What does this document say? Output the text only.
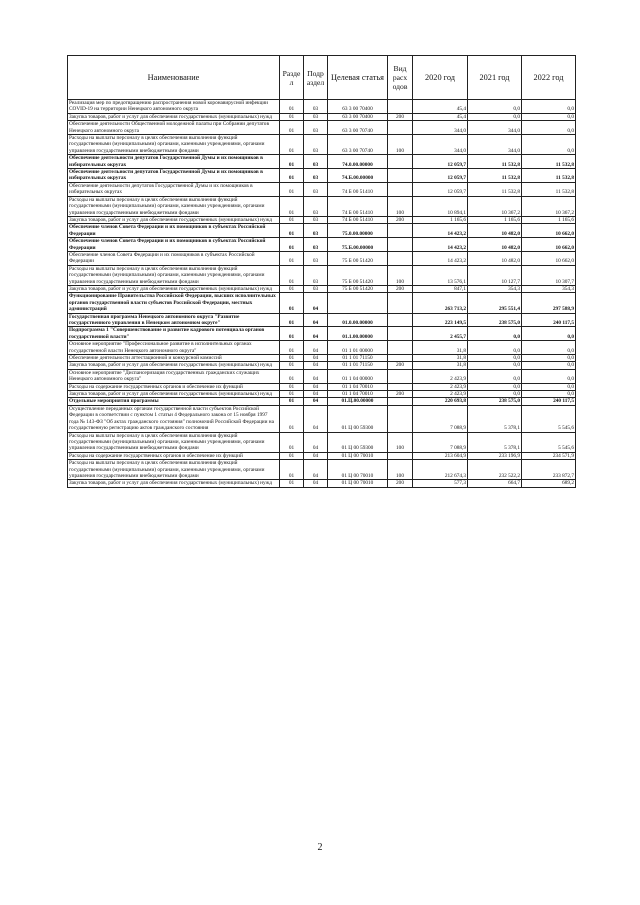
Наименование	Разде л	Подр аздел	Целевая статья	Вид расх одов	2020 год	2021 год	2022 год
Реализация мер по предотвращению распространения новой коронавирусной инфекции COVID-19 на территории Ненецкого автономного округа	01	03	63 3 00 70400		45,4	0,0	0,0
Закупка товаров, работ и услуг для обеспечения государственных (муниципальных) нужд	01	03	63 3 00 70400	200	45,4	0,0	0,0
Обеспечение деятельности Общественной молодежной палаты при Собрании депутатов Ненецкого автономного округа	01	03	63 3 00 70740		344,0	344,0	0,0
Расходы на выплаты персоналу в целях обеспечения выполнения функций государственными (муниципальными) органами, казенными учреждениями, органами управления государственными внебюджетными фондами	01	03	63 3 00 70740	100	344,0	344,0	0,0
Обеспечение деятельности депутатов Государственной Думы и их помощников в избирательных округах	01	03	74.0.00.00000		12 059,7	11 532,8	11 532,8
Обеспечение деятельности депутатов Государственной Думы и их помощников в избирательных округах	01	03	74.Б.00.00000		12 059,7	11 532,8	11 532,8
Обеспечение деятельности депутатов Государственной Думы и их помощников в избирательных округах	01	03	74 Б 00 51410		12 059,7	11 532,8	11 532,8
Расходы на выплаты персоналу в целях обеспечения выполнения функций государственными (муниципальными) органами, казенными учреждениями, органами управления государственными внебюджетными фондами	01	03	74 Б 00 51410	100	10 894,1	10 367,2	10 367,2
Закупка товаров, работ и услуг для обеспечения государственных (муниципальных) нужд	01	03	74 Б 00 51410	200	1 165,6	1 165,6	1 165,6
Обеспечение членов Совета Федерации и их помощников в субъектах Российской Федерации	01	03	75.0.00.00000		14 423,2	10 482,0	10 662,0
Обеспечение членов Совета Федерации и их помощников в субъектах Российской Федерации	01	03	75.Б.00.00000		14 423,2	10 482,0	10 662,0
Обеспечение членов Совета Федерации и их помощников в субъектах Российской Федерации	01	03	75 Б 00 51420		14 423,2	10 482,0	10 662,0
Расходы на выплаты персоналу в целях обеспечения выполнения функций государственными (муниципальными) органами, казенными учреждениями, органами управления государственными внебюджетными фондами	01	03	75 Б 00 51420	100	13 576,1	10 127,7	10 307,7
Закупка товаров, работ и услуг для обеспечения государственных (муниципальных) нужд	01	03	75 Б 00 51420	200	847,1	354,3	354,3
Функционирование Правительства Российской Федерации, высших исполнительных органов государственной власти субъектов Российской Федерации, местных администраций	01	04			263 713,2	295 551,4	297 588,9
Государственная программа Ненецкого автономного округа "Развитие государственного управления в Ненецком автономном округе"	01	04	01.0.00.00000		223 149,5	238 575,0	240 117,5
Подпрограмма 1 "Совершенствование и развитие кадрового потенциала органов государственной власти"	01	04	01.1.00.00000		2 455,7	0,0	0,0
Основное мероприятие "Профессиональное развитие в исполнительных органах государственной власти Ненецкого автономного округа"	01	04	01 1 01 00000		31,8	0,0	0,0
Обеспечение деятельности аттестационной и конкурсной комиссий	01	04	01 1 01 71150		31,8	0,0	0,0
Закупка товаров, работ и услуг для обеспечения государственных (муниципальных) нужд	01	04	01 1 01 71150	200	31,8	0,0	0,0
Основное мероприятие "Диспансеризация государственных гражданских служащих Ненецкого автономного округа"	01	04	01 1 04 00000		2 423,9	0,0	0,0
Расходы на содержание государственных органов и обеспечение их функций	01	04	01 1 04 70010		2 423,9	0,0	0,0
Закупка товаров, работ и услуг для обеспечения государственных (муниципальных) нужд	01	04	01 1 04 70010	200	2 423,9	0,0	0,0
Отдельные мероприятия программы	01	04	01.Ц.00.00000		220 693,8	238 575,0	240 117,5
Осуществление переданных органам государственной власти субъектов Российской Федерации в соответствии с пунктом 1 статьи 4 Федерального закона от 15 ноября 1997 года № 143-ФЗ "Об актах гражданского состояния" полномочий Российской Федерации на государственную регистрацию актов гражданского состояния	01	04	01 Ц 00 59300		7 088,9	5 378,1	5 545,6
Расходы на выплаты персоналу в целях обеспечения выполнения функций государственными (муниципальными) органами, казенными учреждениями, органами управления государственными внебюджетными фондами	01	04	01 Ц 00 59300	100	7 088,9	5 378,1	5 545,6
Расходы на содержание государственных органов и обеспечение их функций	01	04	01 Ц 00 70010		213 604,9	233 196,9	234 571,9
Расходы на выплаты персоналу в целях обеспечения выполнения функций государственными (муниципальными) органами, казенными учреждениями, органами управления государственными внебюджетными фондами	01	04	01 Ц 00 70010	100	212 674,3	232 522,2	233 872,7
Закупка товаров, работ и услуг для обеспечения государственных (муниципальных) нужд	01	04	01 Ц 00 70010	200	577,3	664,7	689,2
2
